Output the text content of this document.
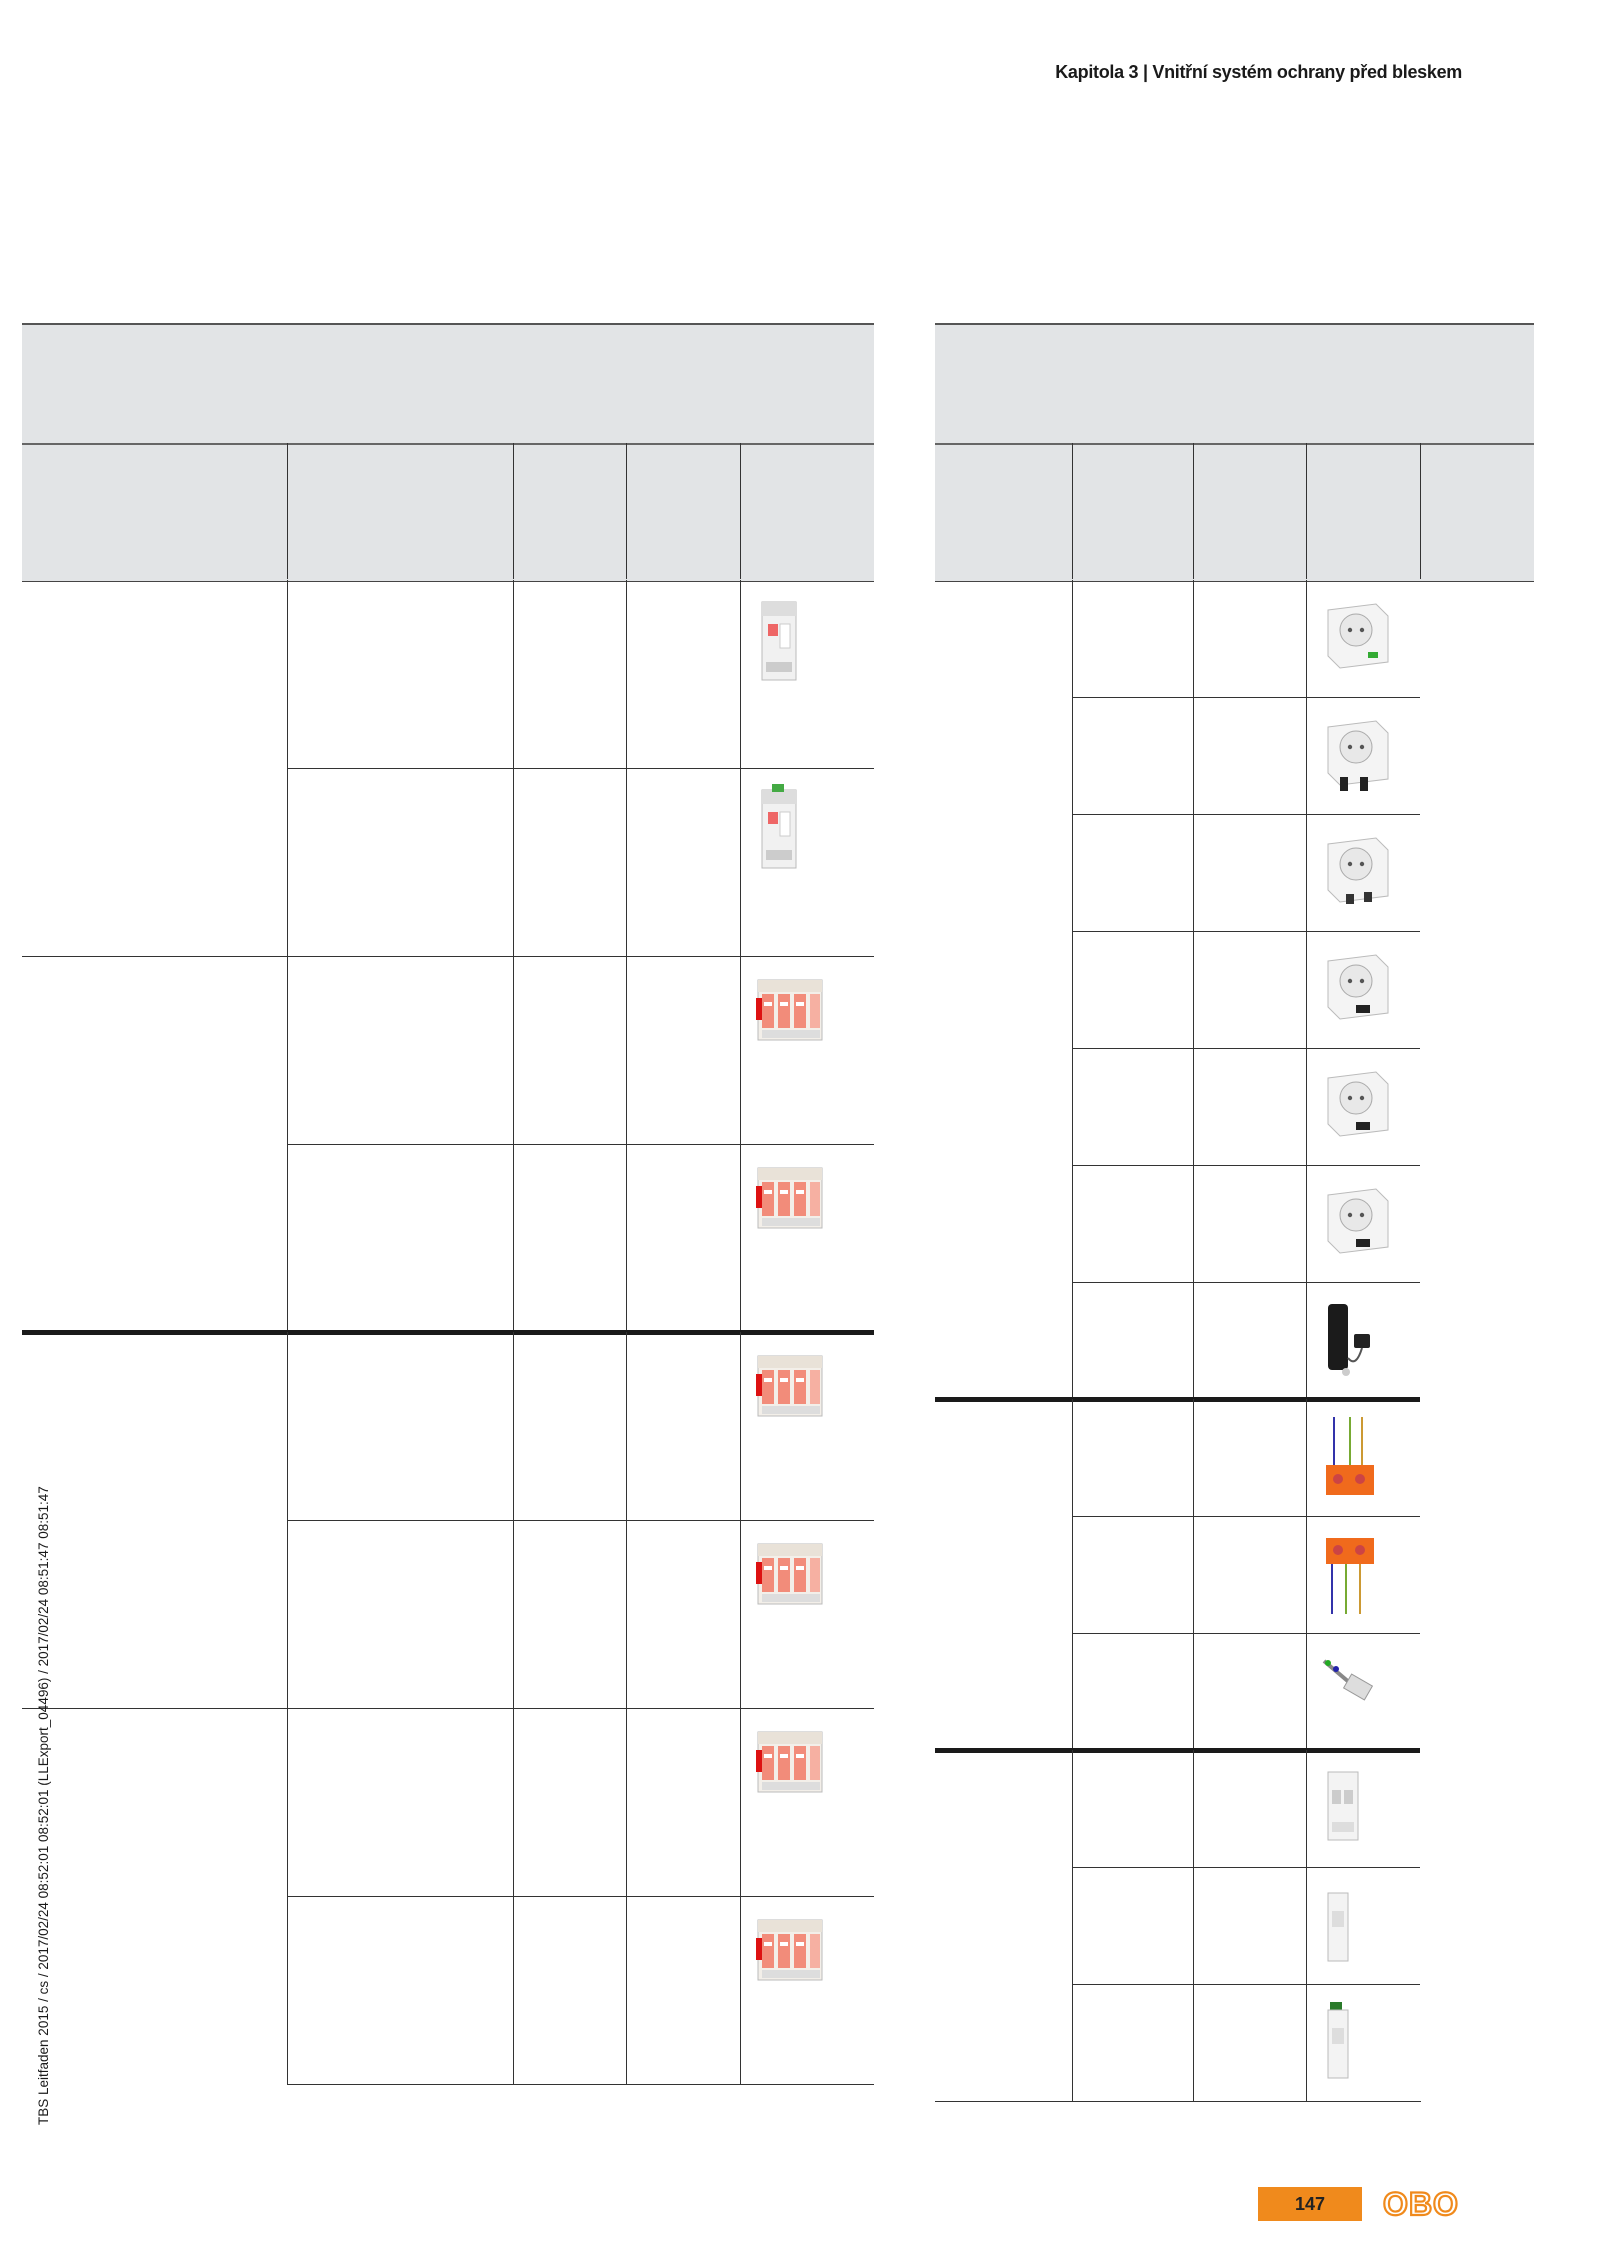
Kapitola 3 | Vnitřní systém ochrany před bleskem
TBS Leitfaden 2015 / cs / 2017/02/24 08:52:01 08:52:01 (LLExport_04496) / 2017/02/24 08:51:47 08:51:47
147	OBO
